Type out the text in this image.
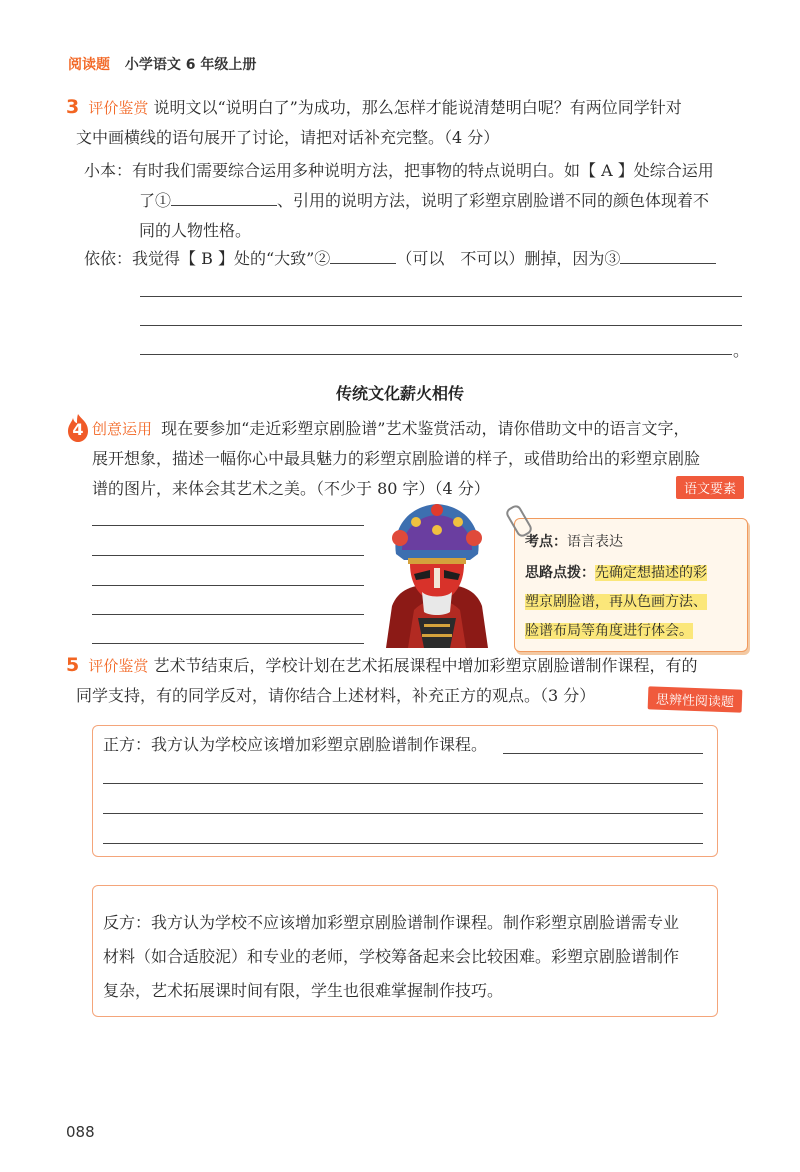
阅读题 小学语文 6 年级上册
3 评价鉴赏 说明文以“说明白了”为成功，那么怎样才能说清楚明白呢？有两位同学针对
文中画横线的语句展开了讨论，请把对话补充完整。（4 分）
小本：有时我们需要综合运用多种说明方法，把事物的特点说明白。如【 A 】处综合运用
了①	、引用的说明方法，说明了彩塑京剧脸谱不同的颜色体现着不
同的人物性格。
依依：我觉得【 B 】处的“大致”②	（可以　不可以）删掉，因为③
。
传统文化薪火相传
4 创意运用 现在要参加“走近彩塑京剧脸谱”艺术鉴赏活动，请你借助文中的语言文字，
展开想象，描述一幅你心中最具魅力的彩塑京剧脸谱的样子，或借助给出的彩塑京剧脸
谱的图片，来体会其艺术之美。（不少于 80 字）（4 分）	语文要素
考点：语言表达
思路点拨：先确定想描述的彩
塑京剧脸谱，再从色画方法、
脸谱布局等角度进行体会。
5 评价鉴赏 艺术节结束后，学校计划在艺术拓展课程中增加彩塑京剧脸谱制作课程，有的
同学支持，有的同学反对，请你结合上述材料，补充正方的观点。（3 分）	思辨性阅读题
正方：我方认为学校应该增加彩塑京剧脸谱制作课程。
反方：我方认为学校不应该增加彩塑京剧脸谱制作课程。制作彩塑京剧脸谱需专业
材料（如合适胶泥）和专业的老师，学校筹备起来会比较困难。彩塑京剧脸谱制作
复杂，艺术拓展课时间有限，学生也很难掌握制作技巧。
088
